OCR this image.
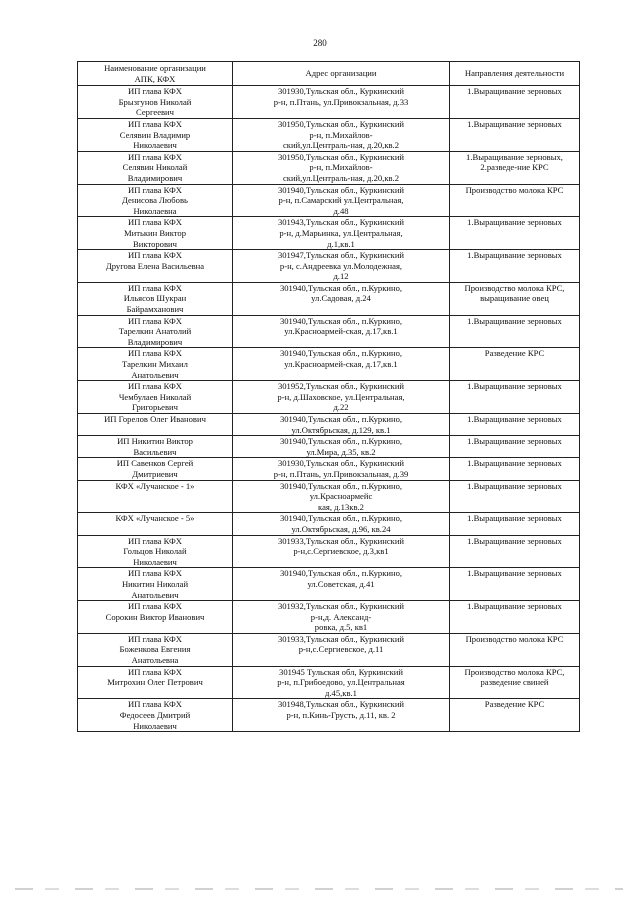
280
Наименование организации
АПК, КФХ	Адрес организации	Направления деятельности
ИП глава КФХ
Брызгунов Николай
Сергеевич	301930,Тульская обл., Куркинский
р-н, п.Птань, ул.Привокзальная, д.33	1.Выращивание зерновых
ИП глава КФХ
Селявин Владимир
Николаевич	301950,Тульская обл., Куркинский
р-н, п.Михайлов-
ский,ул.Централь-ная, д.20,кв.2	1.Выращивание зерновых
ИП глава КФХ
Селявин Николай
Владимирович	301950,Тульская обл., Куркинский
р-н, п.Михайлов-
ский,ул.Централь-ная, д.20,кв.2	1.Выращивание зерновых,
2.разведе-ние КРС
ИП глава КФХ
Денисова Любовь
Николаевна	301940,Тульская обл., Куркинский
р-н, п.Самарский ул.Центральная,
д.48	Производство молока КРС
ИП глава КФХ
Митькин Виктор
Викторович	301943,Тульская обл., Куркинский
р-н, д.Марьинка, ул.Центральная,
д.1,кв.1	1.Выращивание зерновых
ИП глава КФХ
Другова Елена Васильевна	301947,Тульская обл., Куркинский
р-н, с.Андреевка ул.Молодежная,
д.12	1.Выращивание зерновых
ИП глава КФХ
Ильясов Шукран
Байрамханович	301940,Тульская обл., п.Куркино,
ул.Садовая, д.24	Производство молока КРС,
выращивание овец
ИП глава КФХ
Тарелкин Анатолий
Владимирович	301940,Тульская обл., п.Куркино,
ул.Красноармей-ская, д.17,кв.1	1.Выращивание зерновых
ИП глава КФХ
Тарелкин Михаил
Анатольевич	301940,Тульская обл., п.Куркино,
ул.Красноармей-ская, д.17,кв.1	Разведение КРС
ИП глава КФХ
Чембулаев Николай
Григорьевич	301952,Тульская обл., Куркинский
р-н, д.Шаховское, ул.Центральная,
д.22	1.Выращивание зерновых
ИП Горелов Олег Иванович	301940,Тульская обл., п.Куркино,
ул.Октябрьская, д.129, кв.1	1.Выращивание зерновых
ИП Никитин Виктор
Васильевич	301940,Тульская обл., п.Куркино,
ул.Мира, д.35, кв.2	1.Выращивание зерновых
ИП Савенков Сергей
Дмитриевич	301930,Тульская обл., Куркинский
р-н, п.Птань, ул.Привокзальная, д.39	1.Выращивание зерновых
КФХ «Лучанское - 1»	301940,Тульская обл., п.Куркино,
ул.Красноармейс
кая, д.13кв.2	1.Выращивание зерновых
КФХ «Лучанское - 5»	301940,Тульская обл., п.Куркино,
ул.Октябрьская, д.96, кв.24	1.Выращивание зерновых
ИП глава КФХ
Гольцов Николай
Николаевич	301933,Тульская обл., Куркинский
р-н,с.Сергиевское, д.3,кв1	1.Выращивание зерновых
ИП глава КФХ
Никитин Николай
Анатольевич	301940,Тульская обл., п.Куркино,
ул.Советская, д.41	1.Выращивание зерновых
ИП глава КФХ
Сорокин Виктор Иванович	301932,Тульская обл., Куркинский
р-н,д. Александ-
ровка, д.5, кв1	1.Выращивание зерновых
ИП глава КФХ
Боженкова Евгения
Анатольевна	301933,Тульская обл., Куркинский
р-н,с.Сергиевское, д.11	Производство молока КРС
ИП глава КФХ
Митрохин Олег Петрович	301945 Тульская обл, Куркинский
р-н, п.Грибоедово, ул.Центральная
д.45,кв.1	Производство молока КРС,
разведение свиней
ИП глава КФХ
Федосеев Дмитрий
Николаевич	301948,Тульская обл., Куркинский
р-н, п.Кинь-Грусть, д.11, кв. 2	Разведение КРС
